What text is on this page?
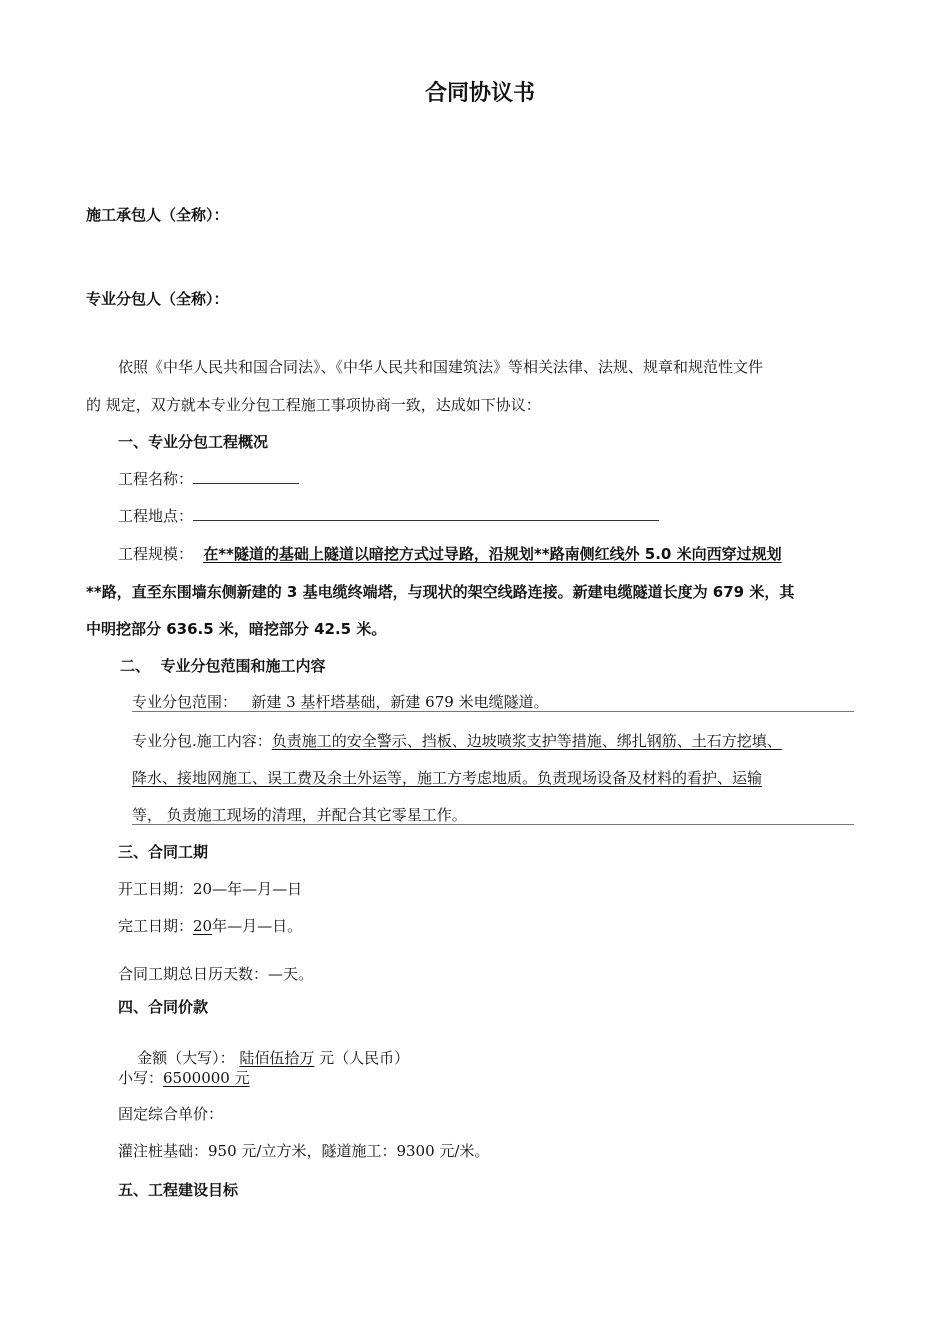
合同协议书
施工承包人（全称）：
专业分包人（全称）：
依照《中华人民共和国合同法》、《中华人民共和国建筑法》等相关法律、法规、规章和规范性文件
的 规定，双方就本专业分包工程施工事项协商一致，达成如下协议：
一、专业分包工程概况
工程名称：
工程地点：
工程规模： 在**隧道的基础上隧道以暗挖方式过导路，沿规划**路南侧红线外 5.0 米向西穿过规划
**路，直至东围墙东侧新建的 3 基电缆终端塔，与现状的架空线路连接。新建电缆隧道长度为 679 米，其
中明挖部分 636.5 米，暗挖部分 42.5 米。
二、  专业分包范围和施工内容
专业分包范围： 新建 3 基杆塔基础，新建 679 米电缆隧道。
专业分包.施工内容：负责施工的安全警示、挡板、边坡喷浆支护等措施、绑扎钢筋、土石方挖填、
降水、接地网施工、误工费及余土外运等，施工方考虑地质。负责现场设备及材料的看护、运输
等， 负责施工现场的清理，并配合其它零星工作。
三、合同工期
开工日期：20—年—月—日
完工日期：20年—月—日。
合同工期总日历天数：—天。
四、合同价款

金额（大写）： 陆佰伍拾万 元（人民币）

小写：6500000 元
固定综合单价：
灌注桩基础：950 元/立方米，隧道施工：9300 元/米。
五、工程建设目标
